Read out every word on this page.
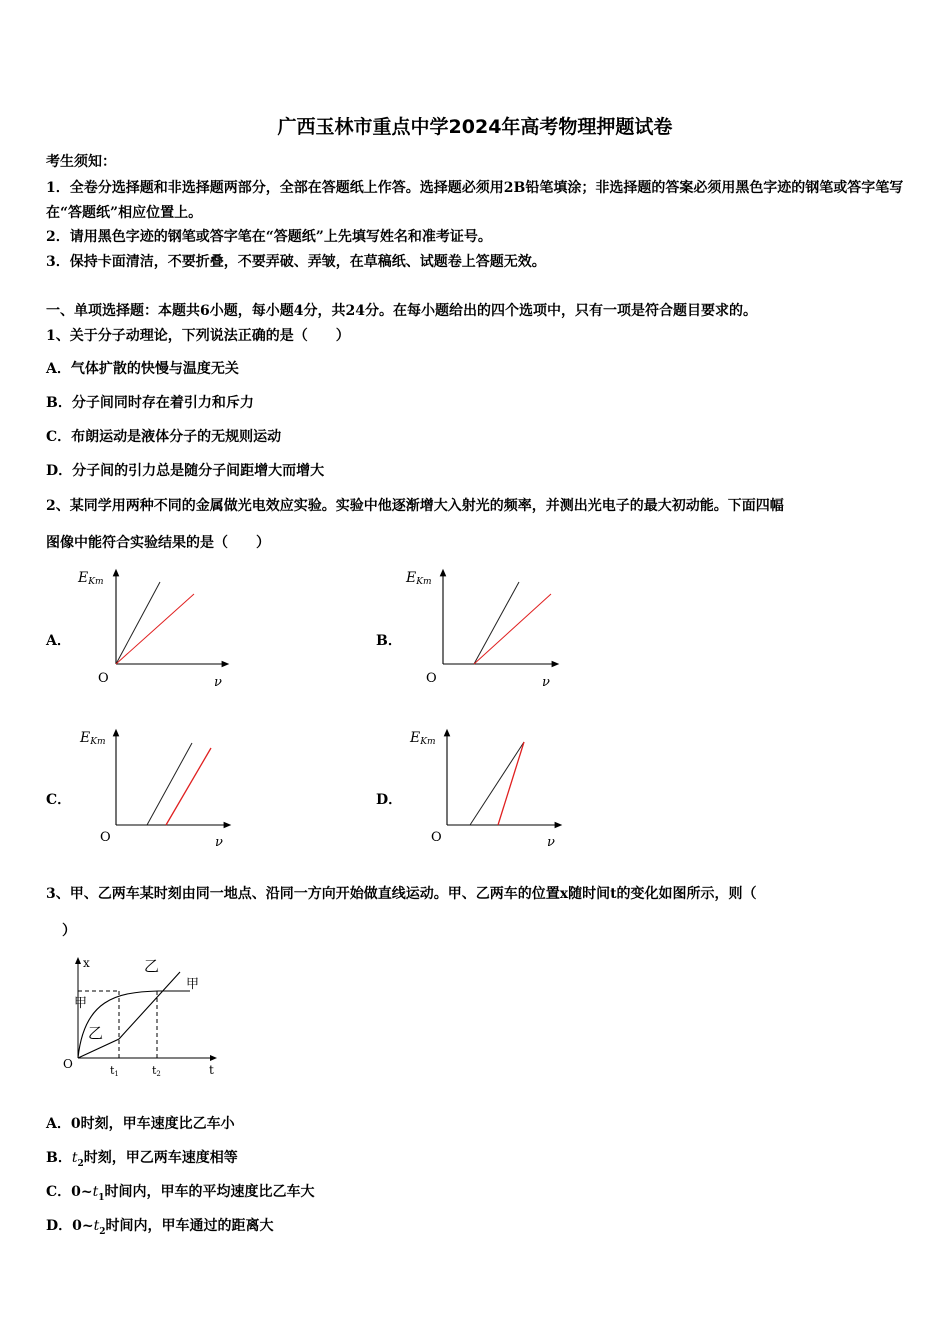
广西玉林市重点中学2024年高考物理押题试卷
考生须知：
1．全卷分选择题和非选择题两部分，全部在答题纸上作答。选择题必须用2B铅笔填涂；非选择题的答案必须用黑色字迹的钢笔或答字笔写在“答题纸”相应位置上。
2．请用黑色字迹的钢笔或答字笔在“答题纸”上先填写姓名和准考证号。
3．保持卡面清洁，不要折叠，不要弄破、弄皱，在草稿纸、试题卷上答题无效。
一、单项选择题：本题共6小题，每小题4分，共24分。在每小题给出的四个选项中，只有一项是符合题目要求的。
1、关于分子动理论，下列说法正确的是（　　）
A．气体扩散的快慢与温度无关
B．分子间同时存在着引力和斥力
C．布朗运动是液体分子的无规则运动
D．分子间的引力总是随分子间距增大而增大
2、某同学用两种不同的金属做光电效应实验。实验中他逐渐增大入射光的频率，并测出光电子的最大初动能。下面四幅
图像中能符合实验结果的是（　　）
A．	B．
C．	D．
EKm
O	ν
EKm
O	ν
EKm
O	ν
EKm
O	ν
3、甲、乙两车某时刻由同一地点、沿同一方向开始做直线运动。甲、乙两车的位置x随时间t的变化如图所示，则（
）
x
t
O
甲
甲
乙
乙
t1	t2
A．0时刻，甲车速度比乙车小
B．$t_2$时刻，甲乙两车速度相等
C．$0\sim t_1$时间内，甲车的平均速度比乙车大
D．$0\sim t_2$时间内，甲车通过的距离大
